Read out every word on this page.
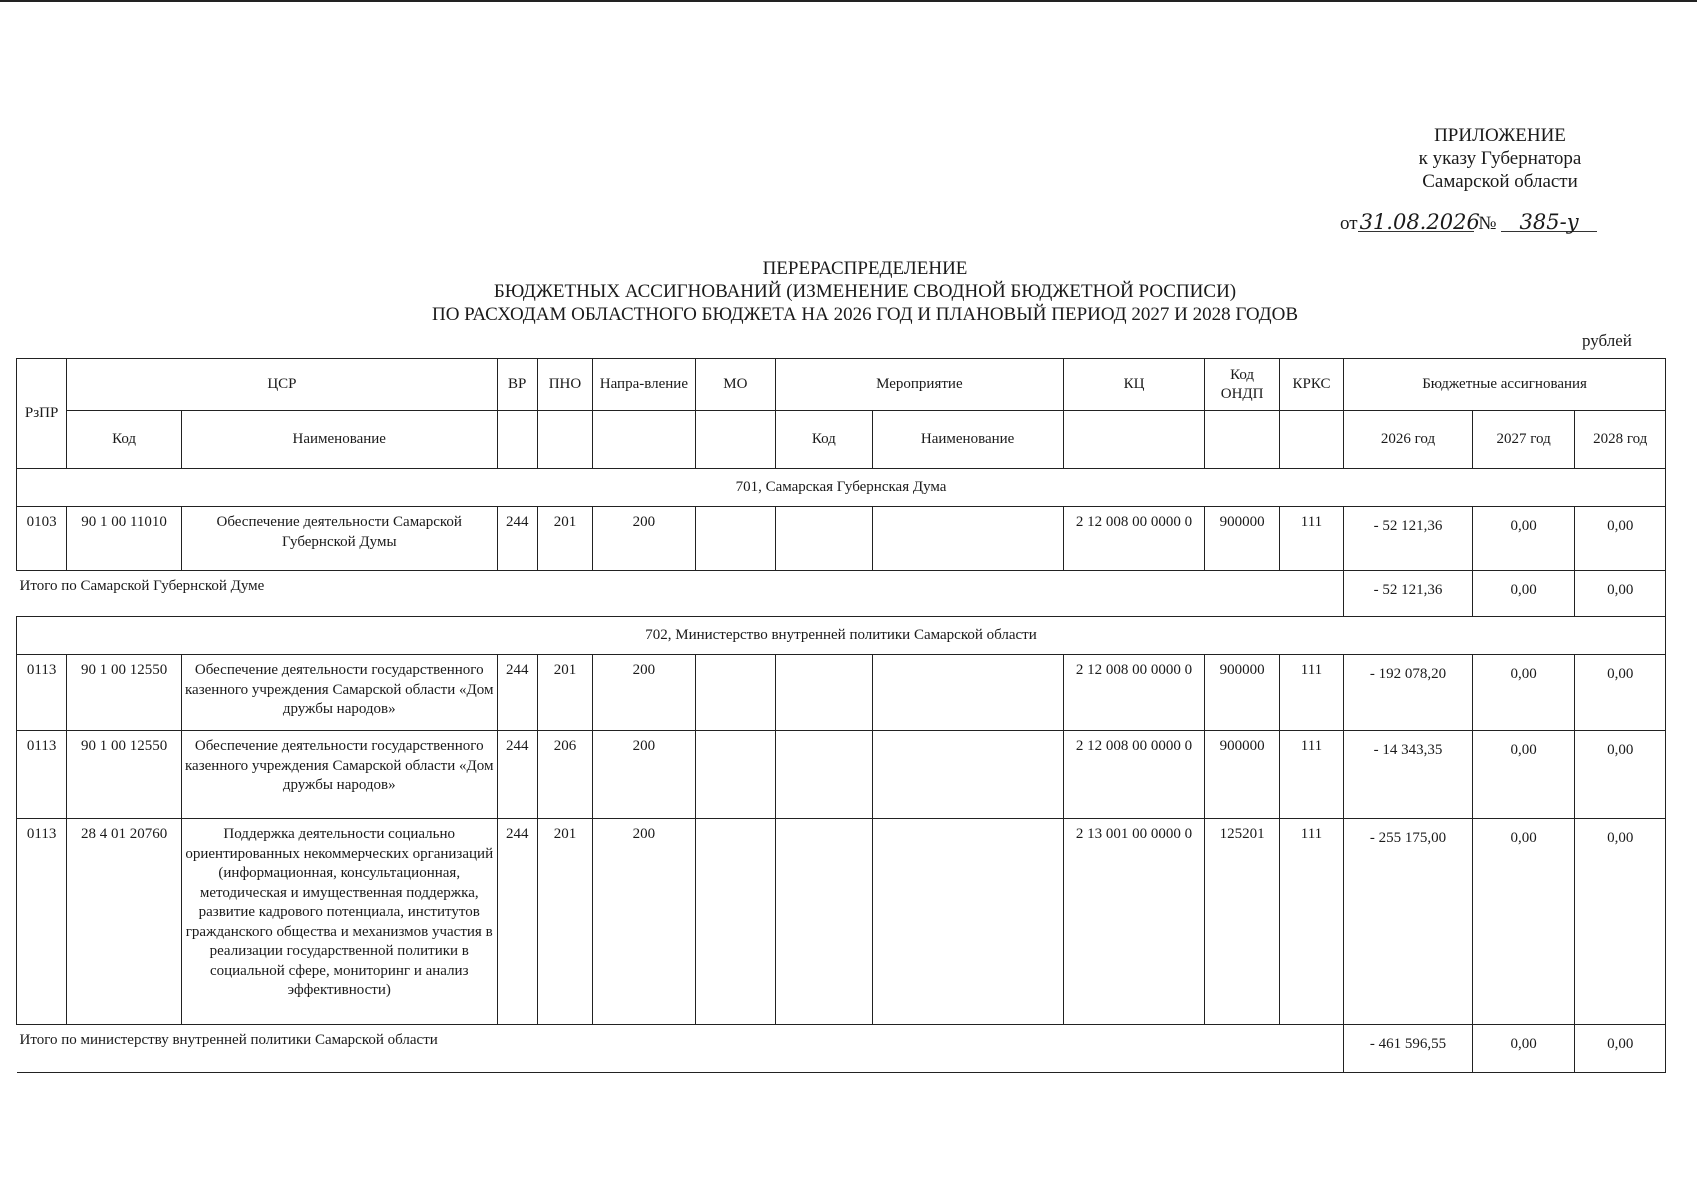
ПРИЛОЖЕНИЕ
к указу Губернатора
Самарской области
от31.08.2026 № 385-у
ПЕРЕРАСПРЕДЕЛЕНИЕ
БЮДЖЕТНЫХ АССИГНОВАНИЙ (ИЗМЕНЕНИЕ СВОДНОЙ БЮДЖЕТНОЙ РОСПИСИ)
ПО РАСХОДАМ ОБЛАСТНОГО БЮДЖЕТА НА 2026 ГОД И ПЛАНОВЫЙ ПЕРИОД 2027 И 2028 ГОДОВ
рублей
РзПР	ЦСР		ВР	ПНО	Напра-вление	МО	Мероприятие		КЦ	Код ОНДП	КРКС	Бюджетные ассигнования		
	Код	Наименование					Код	Наименование				2026 год	2027 год	2028 год
701, Самарская Губернская Дума														
0103	90 1 00 11010	Обеспечение деятельности Самарской Губернской Думы	244	201	200				2 12 008 00 0000 0	900000	111	- 52 121,36	0,00	0,00
Итого по Самарской Губернской Думе												- 52 121,36	0,00	0,00
702, Министерство внутренней политики Самарской области														
0113	90 1 00 12550	Обеспечение деятельности государственного казенного учреждения Самарской области «Дом дружбы народов»	244	201	200				2 12 008 00 0000 0	900000	111	- 192 078,20	0,00	0,00
0113	90 1 00 12550	Обеспечение деятельности государственного казенного учреждения Самарской области «Дом дружбы народов»	244	206	200				2 12 008 00 0000 0	900000	111	- 14 343,35	0,00	0,00
0113	28 4 01 20760	Поддержка деятельности социально ориентированных некоммерческих организаций (информационная, консультационная, методическая и имущественная поддержка, развитие кадрового потенциала, институтов гражданского общества и механизмов участия в реализации государственной политики в социальной сфере, мониторинг и анализ эффективности)	244	201	200				2 13 001 00 0000 0	125201	111	- 255 175,00	0,00	0,00
Итого по министерству внутренней политики Самарской области												- 461 596,55	0,00	0,00
